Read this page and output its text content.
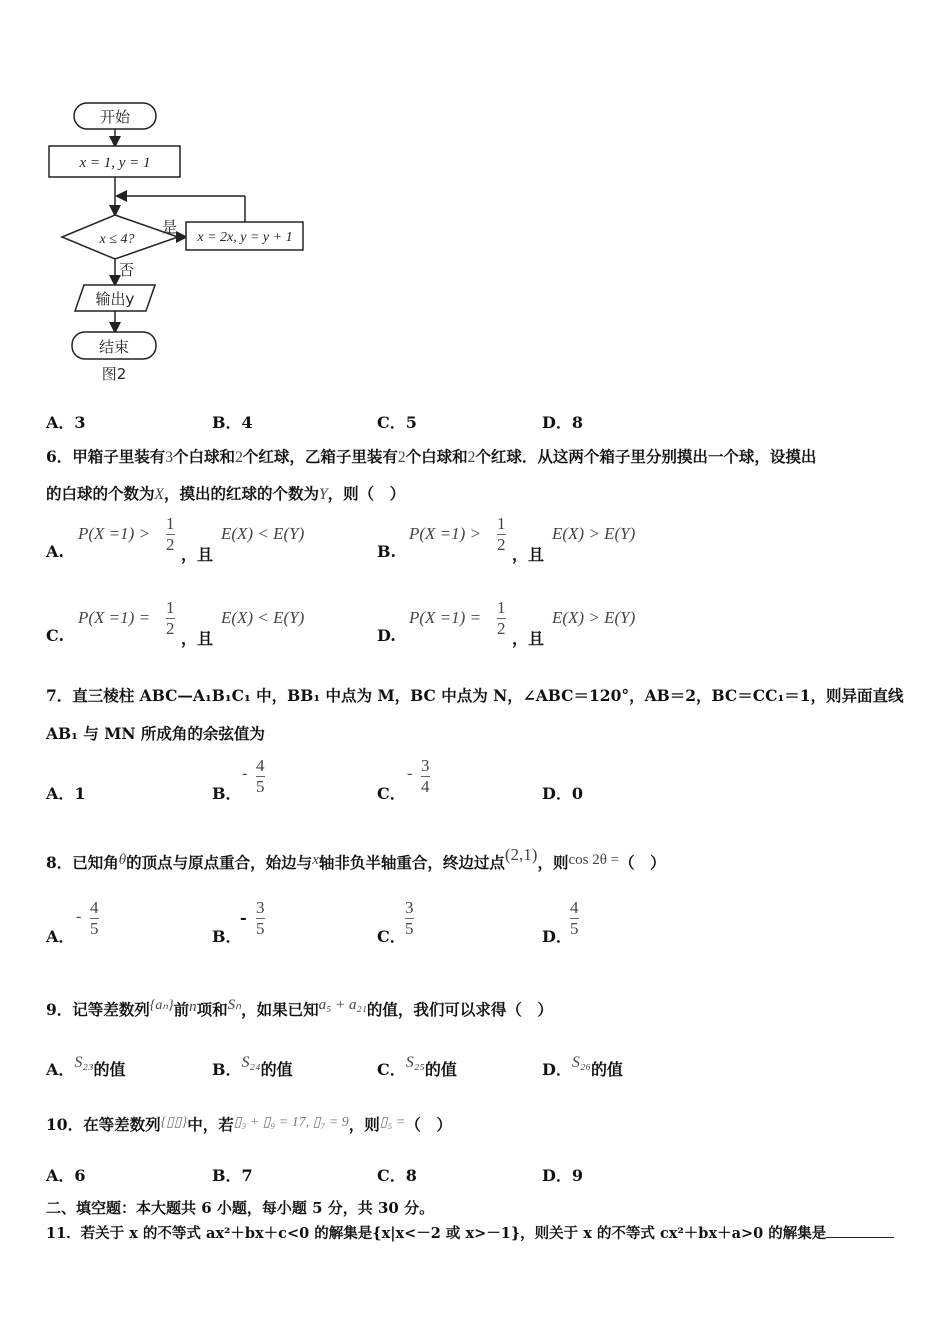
开始
x = 1, y = 1
x ≤ 4?
是
x = 2x, y = y + 1
否
输出y
结束
图2
A．3	B．4	C．5	D．8
6．甲箱子里装有3个白球和2个红球，乙箱子里装有2个白球和2个红球．从这两个箱子里分别摸出一个球，设摸出
的白球的个数为X，摸出的红球的个数为Y，则（　）
A.
$P(X =1) > \frac{1}{2}$ ，且
E(X) < E(Y)
B.
$P(X =1) > \frac{1}{2}$ ，且
E(X) > E(Y)
C.
$P(X =1) = \frac{1}{2}$ ，且
E(X) < E(Y)
D.
$P(X =1) = \frac{1}{2}$ ，且
E(X) > E(Y)
7．直三棱柱 ABC—A₁B₁C₁ 中，BB₁ 中点为 M，BC 中点为 N，∠ABC＝120°，AB＝2，BC＝CC₁＝1，则异面直线
AB₁ 与 MN 所成角的余弦值为
A．1	B．
- $\frac{4}{5}$	C．
- $\frac{3}{4}$	D．0
8．已知角θ的顶点与原点重合，始边与x轴非负半轴重合，终边过点(2,1)，则cos 2θ =（　）
A．
- $\frac{4}{5}$	B．
- $\frac{3}{5}$	C． $\frac{3}{5}$	D．
$\frac{4}{5}$
9．记等差数列{aₙ}前n项和Sₙ，如果已知a₅ + a₂₁的值，我们可以求得（　）
A．S₂₃的值	B．S₂₄的值	C．S₂₅的值	D．S₂₆的值
10．在等差数列{▯▯}中，若▯₃ + ▯₉ = 17, ▯₇ = 9，则▯₅ =（　）
A．6	B．7	C．8	D．9
二、填空题：本大题共 6 小题，每小题 5 分，共 30 分。
11．若关于 x 的不等式 ax²＋bx＋c<0 的解集是{x|x<－2 或 x>－1}，则关于 x 的不等式 cx²＋bx＋a>0 的解集是
